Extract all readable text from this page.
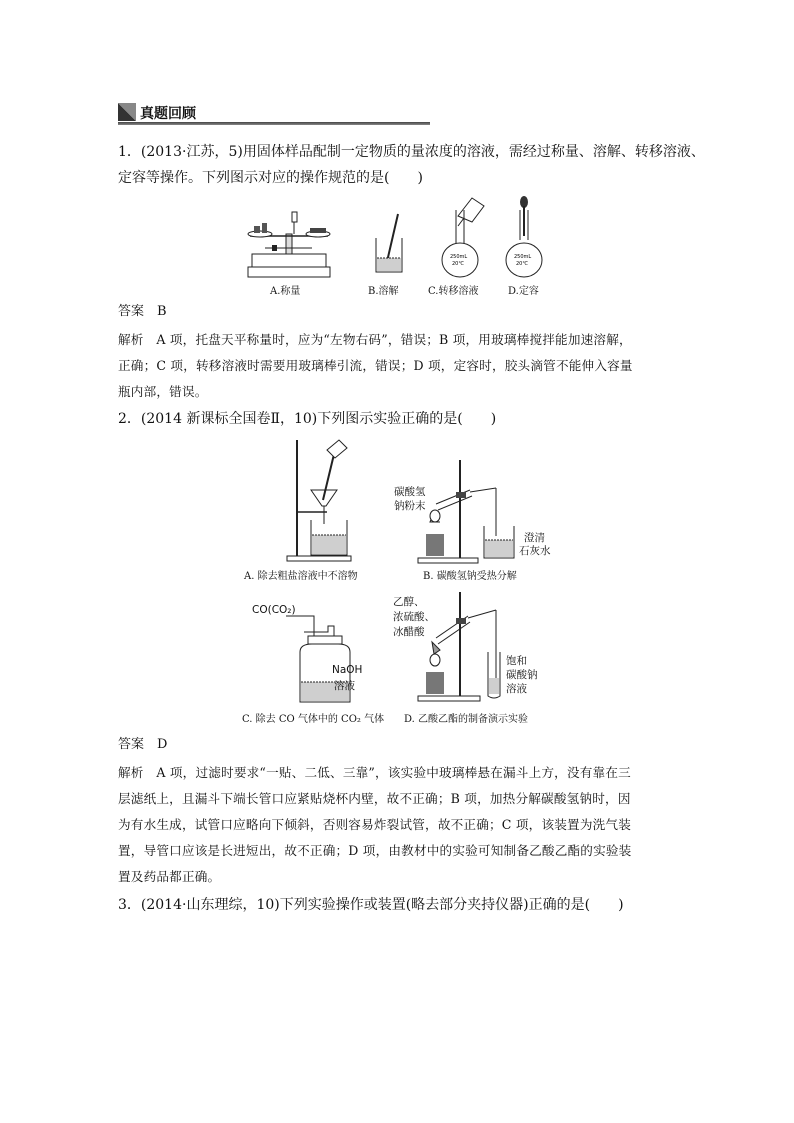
真题回顾
1．(2013·江苏，5)用固体样品配制一定物质的量浓度的溶液，需经过称量、溶解、转移溶液、
定容等操作。下列图示对应的操作规范的是(　　)
A.称量	B.溶解
250mL
20℃
C.转移溶液
250mL
20℃
D.定容
答案　B
解析　A 项，托盘天平称量时，应为“左物右码”，错误；B 项，用玻璃棒搅拌能加速溶解，
正确；C 项，转移溶液时需要用玻璃棒引流，错误；D 项，定容时，胶头滴管不能伸入容量
瓶内部，错误。
2．(2014 新课标全国卷Ⅱ，10)下列图示实验正确的是(　　)
A. 除去粗盐溶液中不溶物
碳酸氢
钠粉末
澄清
石灰水
B. 碳酸氢钠受热分解
CO(CO₂)
NaOH
溶液
C. 除去 CO 气体中的 CO₂ 气体
乙醇、
浓硫酸、
冰醋酸
饱和
碳酸钠
溶液
D. 乙酸乙酯的制备演示实验
答案　D
解析　A 项，过滤时要求“一贴、二低、三靠”，该实验中玻璃棒悬在漏斗上方，没有靠在三
层滤纸上，且漏斗下端长管口应紧贴烧杯内壁，故不正确；B 项，加热分解碳酸氢钠时，因
为有水生成，试管口应略向下倾斜，否则容易炸裂试管，故不正确；C 项，该装置为洗气装
置，导管口应该是长进短出，故不正确；D 项，由教材中的实验可知制备乙酸乙酯的实验装
置及药品都正确。
3．(2014·山东理综，10)下列实验操作或装置(略去部分夹持仪器)正确的是(　　)
